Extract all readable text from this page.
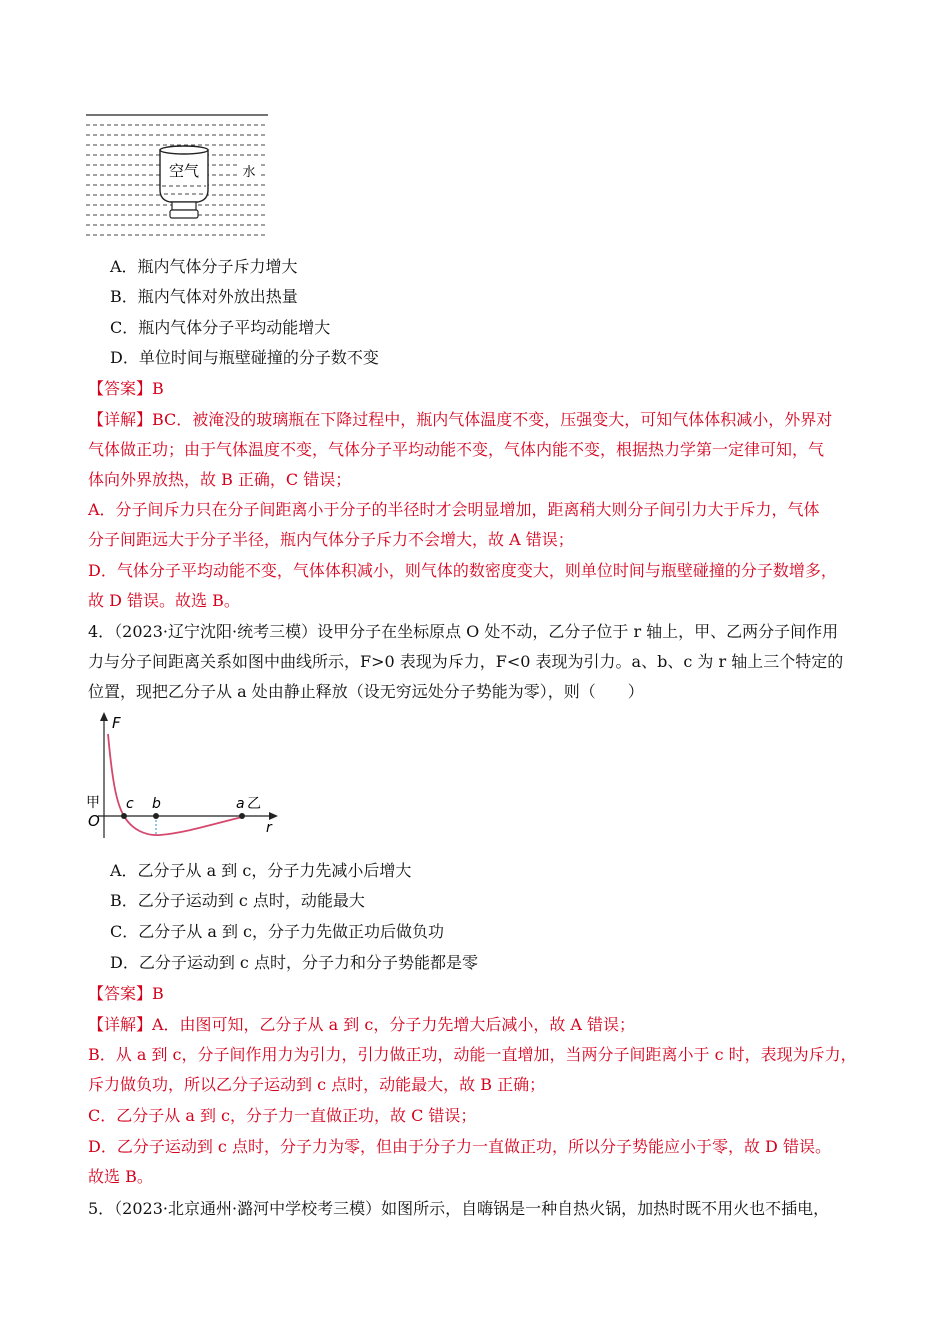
空气	水
A．瓶内气体分子斥力增大
B．瓶内气体对外放出热量
C．瓶内气体分子平均动能增大
D．单位时间与瓶壁碰撞的分子数不变
【答案】B
【详解】BC．被淹没的玻璃瓶在下降过程中，瓶内气体温度不变，压强变大，可知气体体积减小，外界对
气体做正功；由于气体温度不变，气体分子平均动能不变，气体内能不变，根据热力学第一定律可知，气
体向外界放热，故 B 正确，C 错误；
A．分子间斥力只在分子间距离小于分子的半径时才会明显增加，距离稍大则分子间引力大于斥力，气体
分子间距远大于分子半径，瓶内气体分子斥力不会增大，故 A 错误；
D．气体分子平均动能不变，气体体积减小，则气体的数密度变大，则单位时间与瓶壁碰撞的分子数增多，
故 D 错误。故选 B。
4．（2023·辽宁沈阳·统考三模）设甲分子在坐标原点 O 处不动，乙分子位于 r 轴上，甲、乙两分子间作用
力与分子间距离关系如图中曲线所示，F>0 表现为斥力，F<0 表现为引力。a、b、c 为 r 轴上三个特定的
位置，现把乙分子从 a 处由静止释放（设无穷远处分子势能为零），则（　　）
F
r
O
甲 c b	a 乙
A．乙分子从 a 到 c，分子力先减小后增大
B．乙分子运动到 c 点时，动能最大
C．乙分子从 a 到 c，分子力先做正功后做负功
D．乙分子运动到 c 点时，分子力和分子势能都是零
【答案】B
【详解】A．由图可知，乙分子从 a 到 c，分子力先增大后减小，故 A 错误；
B．从 a 到 c，分子间作用力为引力，引力做正功，动能一直增加，当两分子间距离小于 c 时，表现为斥力，
斥力做负功，所以乙分子运动到 c 点时，动能最大，故 B 正确；
C．乙分子从 a 到 c，分子力一直做正功，故 C 错误；
D．乙分子运动到 c 点时，分子力为零，但由于分子力一直做正功，所以分子势能应小于零，故 D 错误。
故选 B。
5．（2023·北京通州·潞河中学校考三模）如图所示，自嗨锅是一种自热火锅，加热时既不用火也不插电，
